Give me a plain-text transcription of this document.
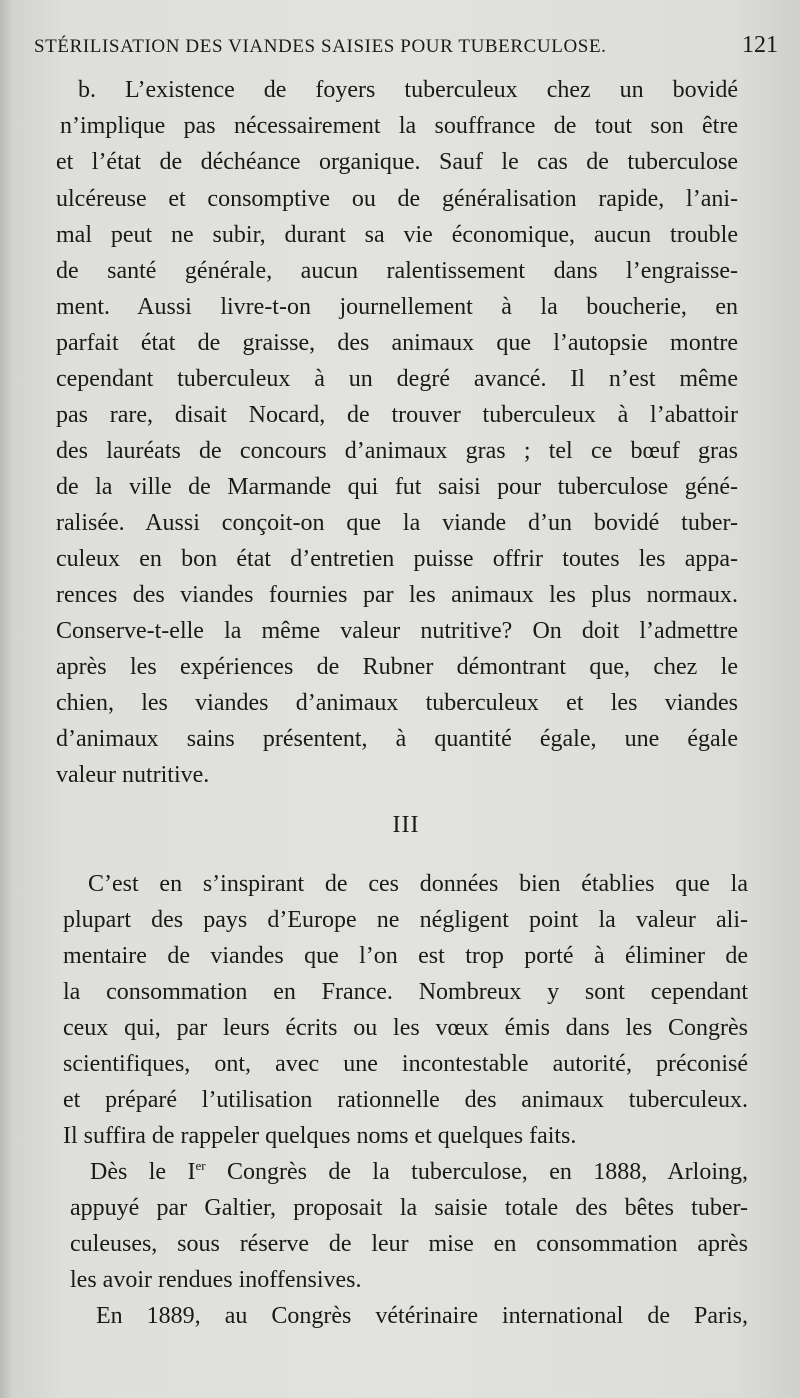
STÉRILISATION DES VIANDES SAISIES POUR TUBERCULOSE.	121
b. L’existence de foyers tuberculeux chez un bovidé
n’implique pas nécessairement la souffrance de tout son être
et l’état de déchéance organique. Sauf le cas de tuberculose
ulcéreuse et consomptive ou de généralisation rapide, l’ani-
mal peut ne subir, durant sa vie économique, aucun trouble
de santé générale, aucun ralentissement dans l’engraisse-
ment. Aussi livre-t-on journellement à la boucherie, en
parfait état de graisse, des animaux que l’autopsie montre
cependant tuberculeux à un degré avancé. Il n’est même
pas rare, disait Nocard, de trouver tuberculeux à l’abattoir
des lauréats de concours d’animaux gras ; tel ce bœuf gras
de la ville de Marmande qui fut saisi pour tuberculose géné-
ralisée. Aussi conçoit-on que la viande d’un bovidé tuber-
culeux en bon état d’entretien puisse offrir toutes les appa-
rences des viandes fournies par les animaux les plus normaux.
Conserve-t-elle la même valeur nutritive? On doit l’admettre
après les expériences de Rubner démontrant que, chez le
chien, les viandes d’animaux tuberculeux et les viandes
d’animaux sains présentent, à quantité égale, une égale
valeur nutritive.
III
C’est en s’inspirant de ces données bien établies que la
plupart des pays d’Europe ne négligent point la valeur ali-
mentaire de viandes que l’on est trop porté à éliminer de
la consommation en France. Nombreux y sont cependant
ceux qui, par leurs écrits ou les vœux émis dans les Congrès
scientifiques, ont, avec une incontestable autorité, préconisé
et préparé l’utilisation rationnelle des animaux tuberculeux.
Il suffira de rappeler quelques noms et quelques faits.
Dès le Ier Congrès de la tuberculose, en 1888, Arloing,
appuyé par Galtier, proposait la saisie totale des bêtes tuber-
culeuses, sous réserve de leur mise en consommation après
les avoir rendues inoffensives.
En 1889, au Congrès vétérinaire international de Paris,
